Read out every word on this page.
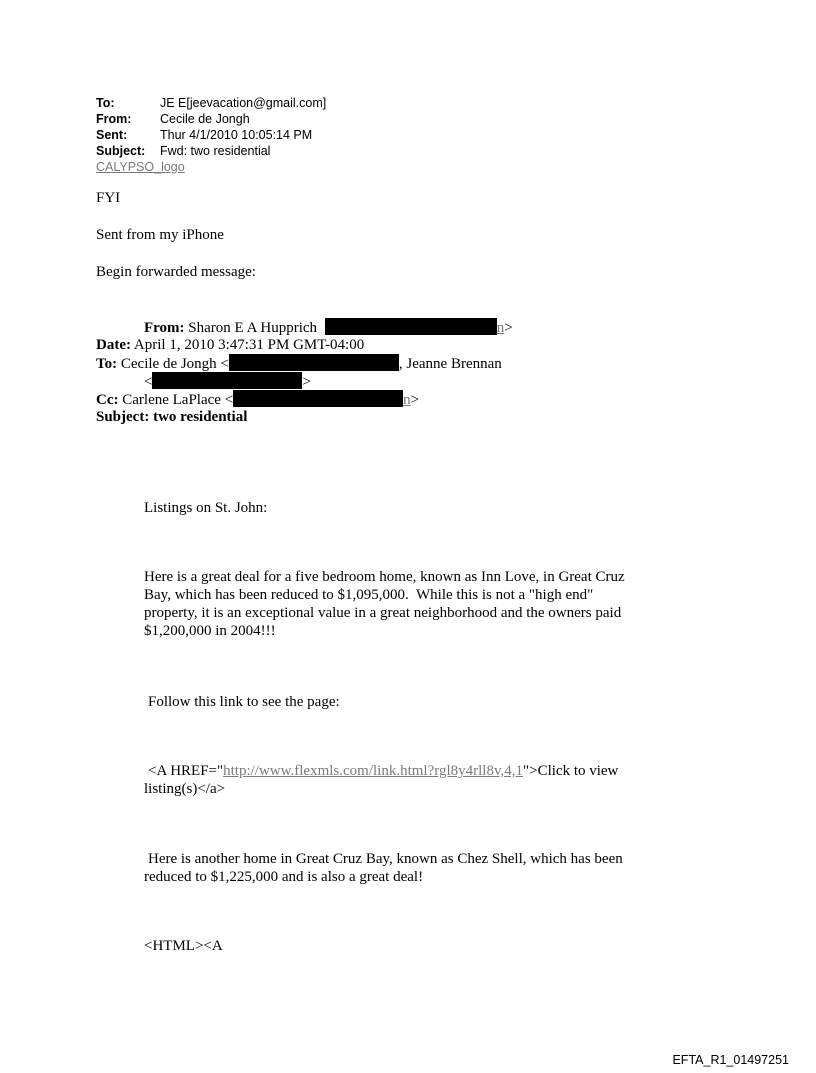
To:	JE E[jeevacation@gmail.com]
From: Cecile de Jongh
Sent:	Thur 4/1/2010 10:05:14 PM
Subject: Fwd: two residential
CALYPSO_logo
FYI
Sent from my iPhone
Begin forwarded message:
From: Sharon E A Hupprich	n>
Date: April 1, 2010 3:47:31 PM GMT-04:00
To: Cecile de Jongh <	, Jeanne Brennan
<	>
Cc: Carlene LaPlace <	n>
Subject: two residential
Listings on St. John:
Here is a great deal for a five bedroom home, known as Inn Love, in Great Cruz
Bay, which has been reduced to $1,095,000.  While this is not a "high end"
property, it is an exceptional value in a great neighborhood and the owners paid
$1,200,000 in 2004!!!
Follow this link to see the page:
<A HREF="http://www.flexmls.com/link.html?rgl8y4rll8v,4,1">Click to view
listing(s)</a>
Here is another home in Great Cruz Bay, known as Chez Shell, which has been
reduced to $1,225,000 and is also a great deal!
<HTML><A
EFTA_R1_01497251
